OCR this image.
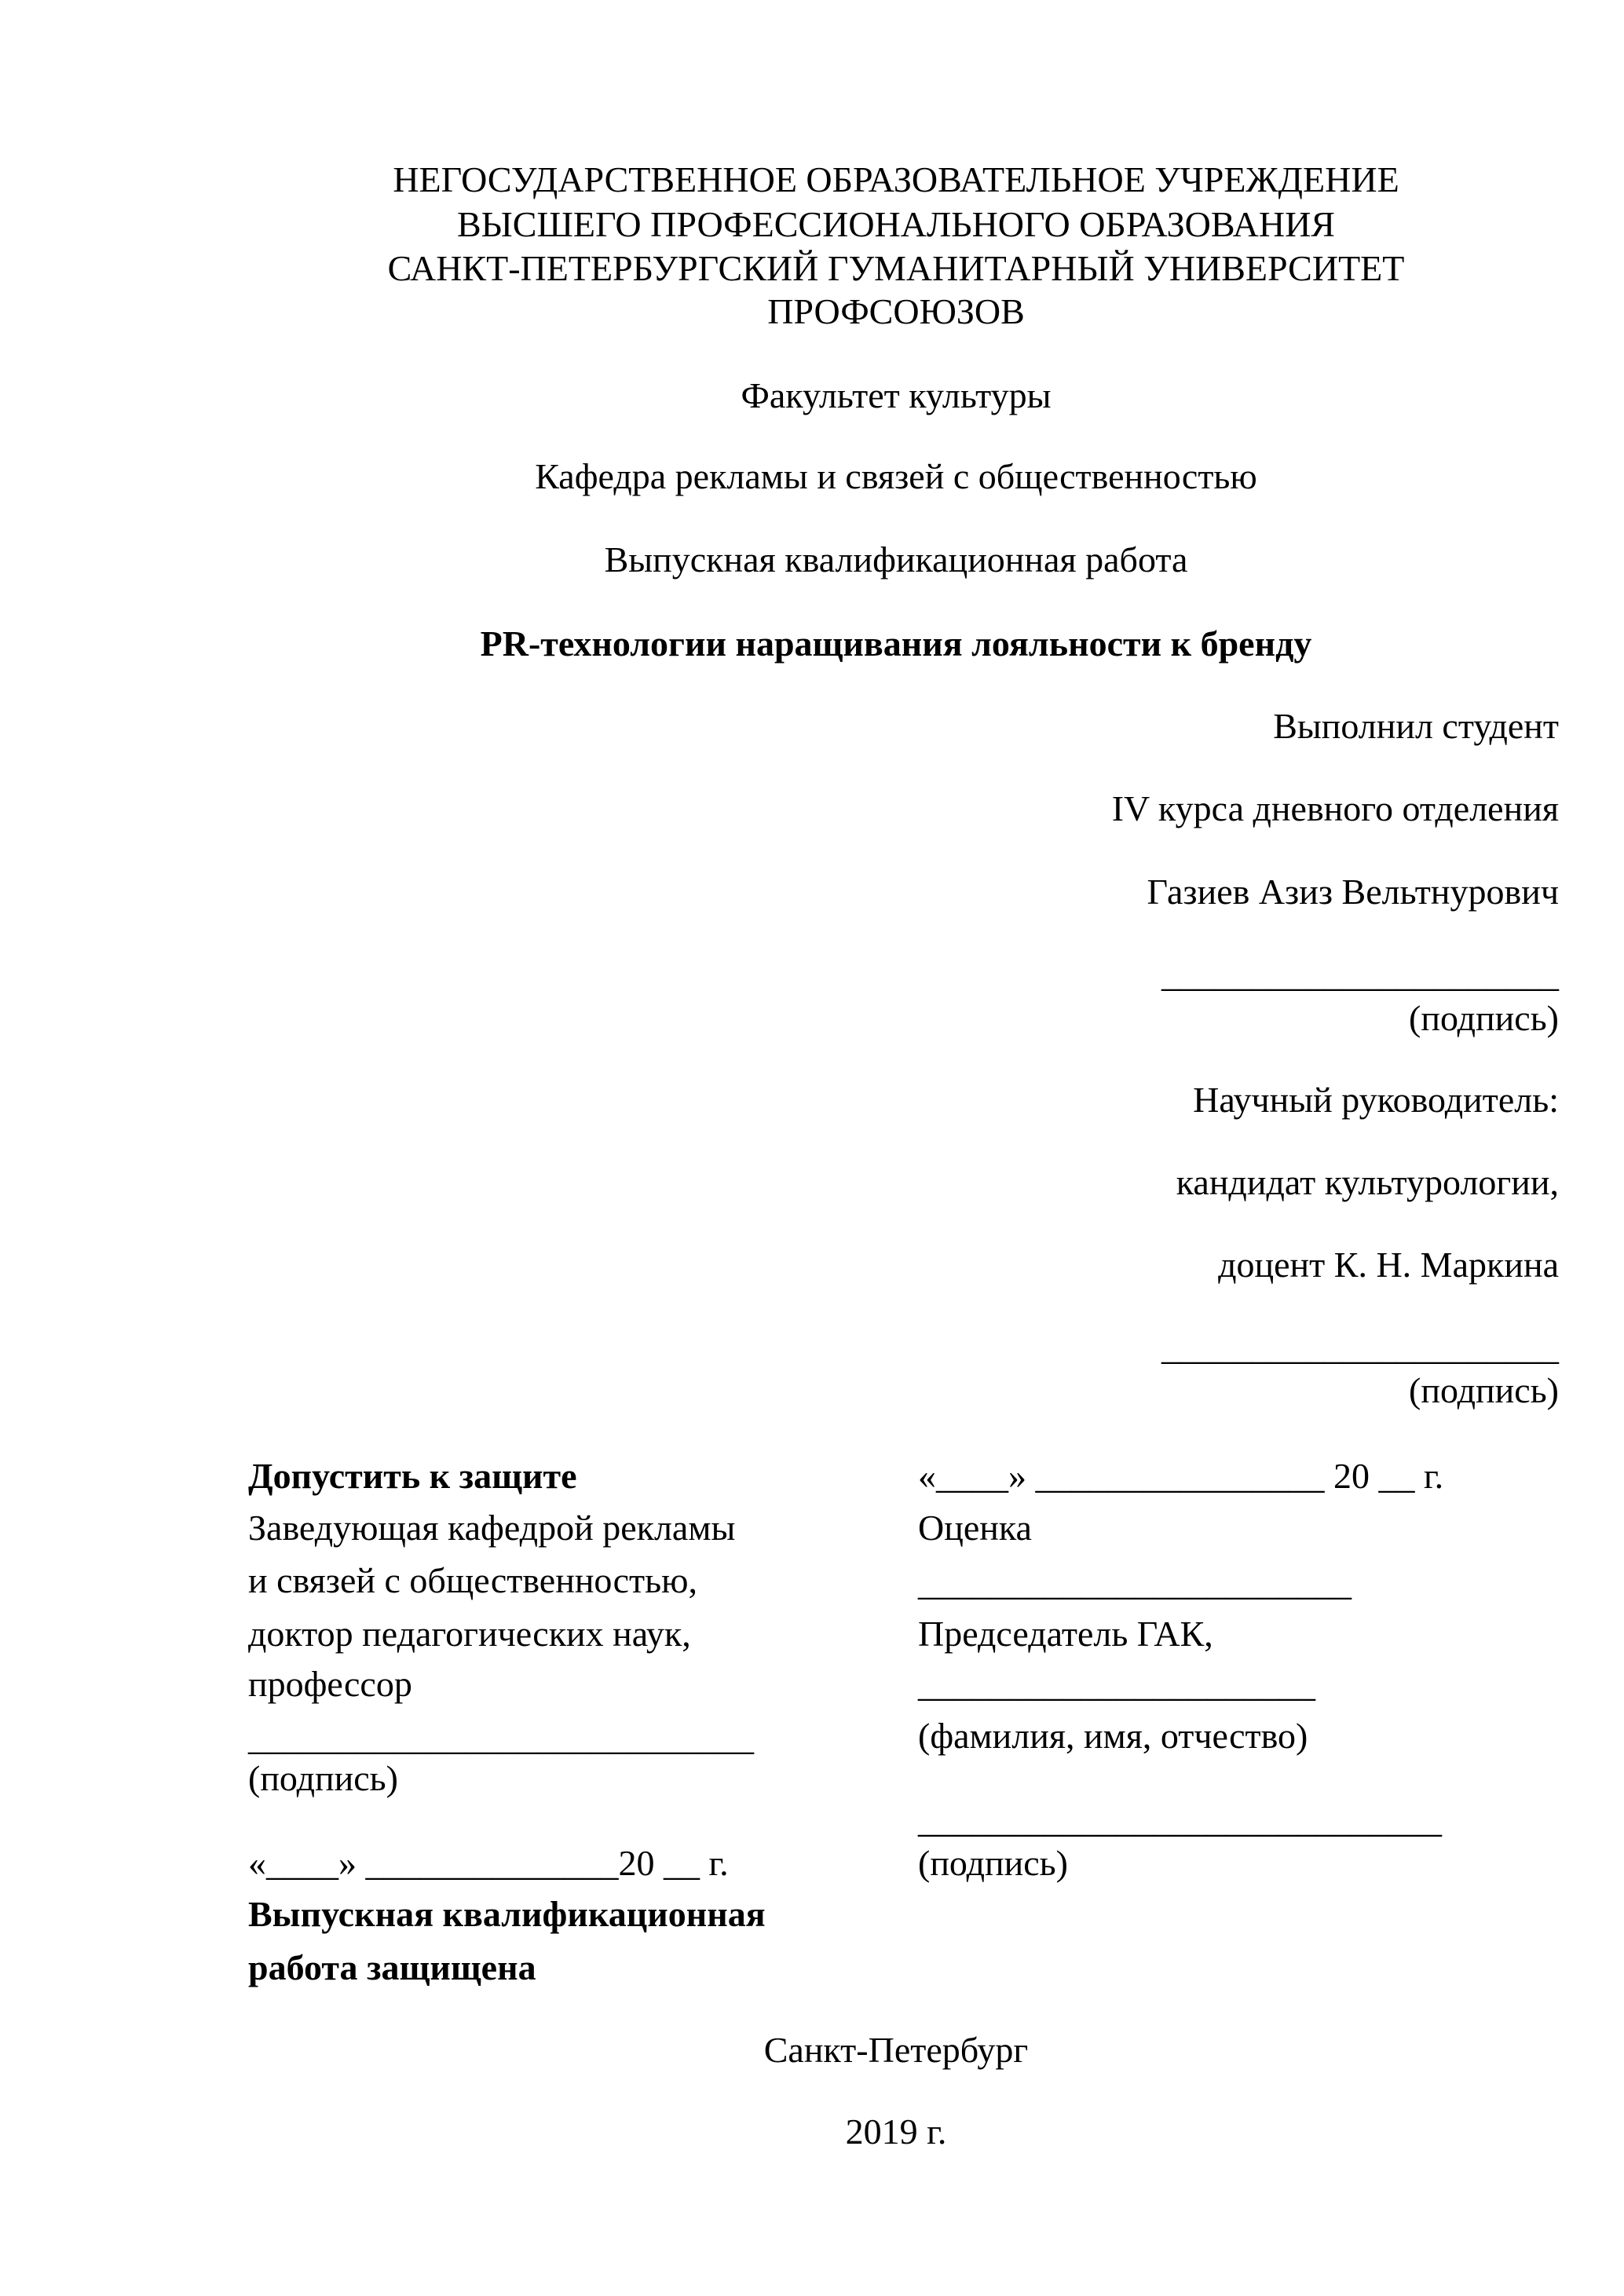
НЕГОСУДАРСТВЕННОЕ ОБРАЗОВАТЕЛЬНОЕ УЧРЕЖДЕНИЕ
ВЫСШЕГО ПРОФЕССИОНАЛЬНОГО ОБРАЗОВАНИЯ
САНКТ-ПЕТЕРБУРГСКИЙ ГУМАНИТАРНЫЙ УНИВЕРСИТЕТ
ПРОФСОЮЗОВ
Факультет культуры
Кафедра рекламы и связей с общественностью
Выпускная квалификационная работа
PR-технологии наращивания лояльности к бренду
Выполнил студент
IV курса дневного отделения
Газиев Азиз Вельтнурович
______________________
(подпись)
Научный руководитель:
кандидат культурологии,
доцент К. Н. Маркина
______________________
(подпись)
Допустить к защите
Заведующая кафедрой рекламы
и связей с общественностью,
доктор педагогических наук,
профессор
____________________________
(подпись)
«____» ______________20 __ г.
Выпускная квалификационная
работа защищена
«____» ________________ 20 __ г.
Оценка
________________________
Председатель ГАК,
______________________
(фамилия, имя, отчество)
_____________________________
(подпись)
Санкт-Петербург
2019 г.
